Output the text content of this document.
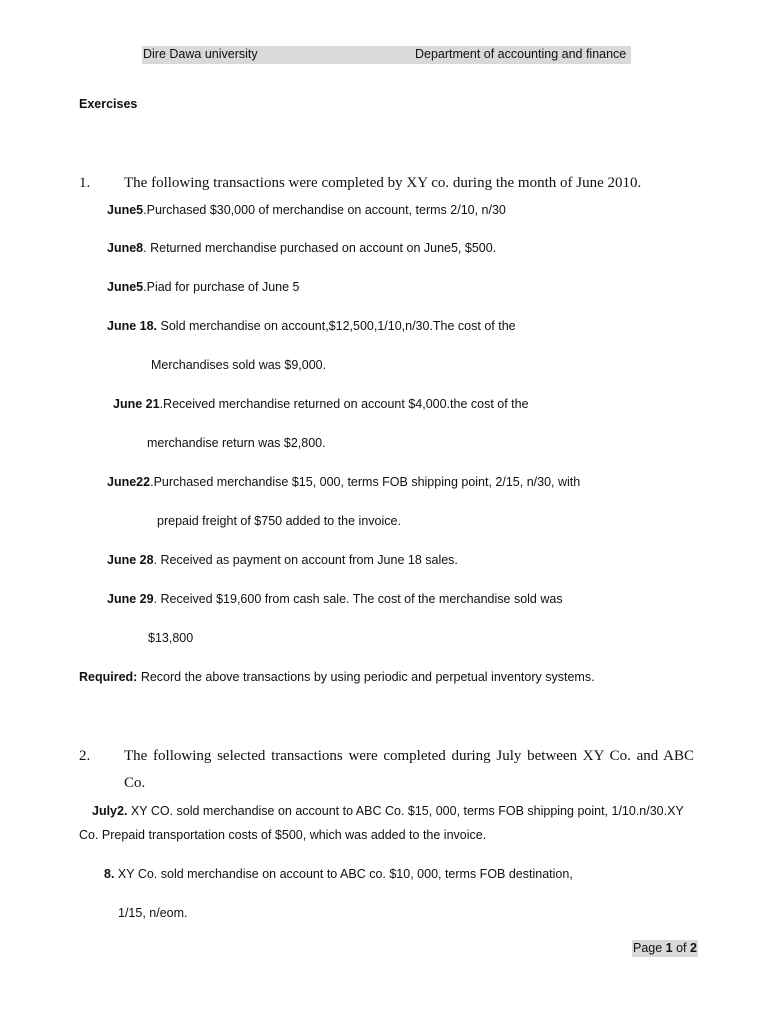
Dire Dawa university	Department of accounting and finance
Exercises
1. The following transactions were completed by XY co. during the month of June 2010.
June5.Purchased $30,000 of merchandise on account, terms 2/10, n/30
June8. Returned merchandise purchased on account on June5, $500.
June5.Piad for purchase of June 5
June 18. Sold merchandise on account,$12,500,1/10,n/30.The cost of the
Merchandises sold was $9,000.
June 21.Received merchandise returned on account $4,000.the cost of the
merchandise return was $2,800.
June22.Purchased merchandise $15, 000, terms FOB shipping point, 2/15, n/30, with
prepaid freight of $750 added to the invoice.
June 28. Received as payment on account from June 18 sales.
June 29. Received $19,600 from cash sale. The cost of the merchandise sold was
$13,800
Required: Record the above transactions by using periodic and perpetual inventory systems.
2. The following selected transactions were completed during July between XY Co. and ABC
Co.
July2. XY CO. sold merchandise on account to ABC Co. $15, 000, terms FOB shipping point, 1/10.n/30.XY
Co. Prepaid transportation costs of $500, which was added to the invoice.
8. XY Co. sold merchandise on account to ABC co. $10, 000, terms FOB destination,
1/15, n/eom.
Page 1 of 2
